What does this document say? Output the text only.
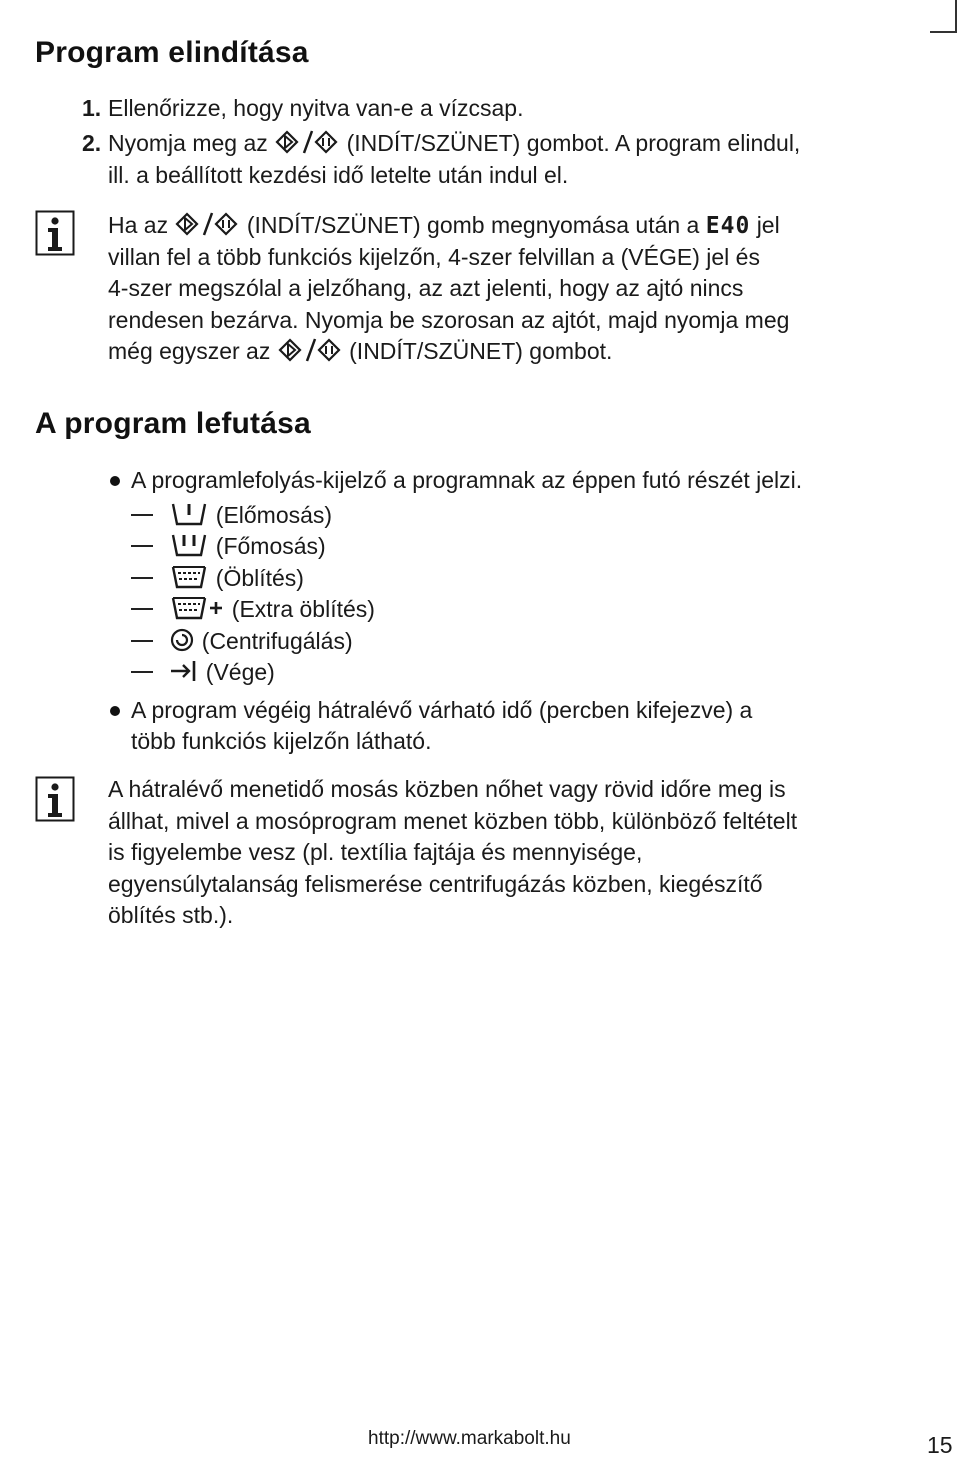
Program elindítása
1. Ellenőrizze, hogy nyitva van-e a vízcsap.

2. Nyomja meg az	(INDÍT/SZÜNET) gombot. A program elindul,

ill. a beállított kezdési idő letelte után indul el.

Ha az	(INDÍT/SZÜNET) gomb megnyomása után a E40 jel

villan fel a több funkciós kijelzőn, 4-szer felvillan a (VÉGE) jel és

4-szer megszólal a jelzőhang, az azt jelenti, hogy az ajtó nincs

rendesen bezárva. Nyomja be szorosan az ajtót, majd nyomja meg

még egyszer az	(INDÍT/SZÜNET) gombot.

A program lefutása

A programlefolyás-kijelző a programnak az éppen futó részét jelzi.

(Előmosás)

(Főmosás)

(Öblítés)

(Extra öblítés)

(Centrifugálás)

(Vége)

A program végéig hátralévő várható idő (percben kifejezve) a

több funkciós kijelzőn látható.

A hátralévő menetidő mosás közben nőhet vagy rövid időre meg is

állhat, mivel a mosóprogram menet közben több, különböző feltételt

is figyelembe vesz (pl. textília fajtája és mennyisége,

egyensúlytalanság felismerése centrifugázás közben, kiegészítő

öblítés stb.).

http://www.markabolt.hu	15
